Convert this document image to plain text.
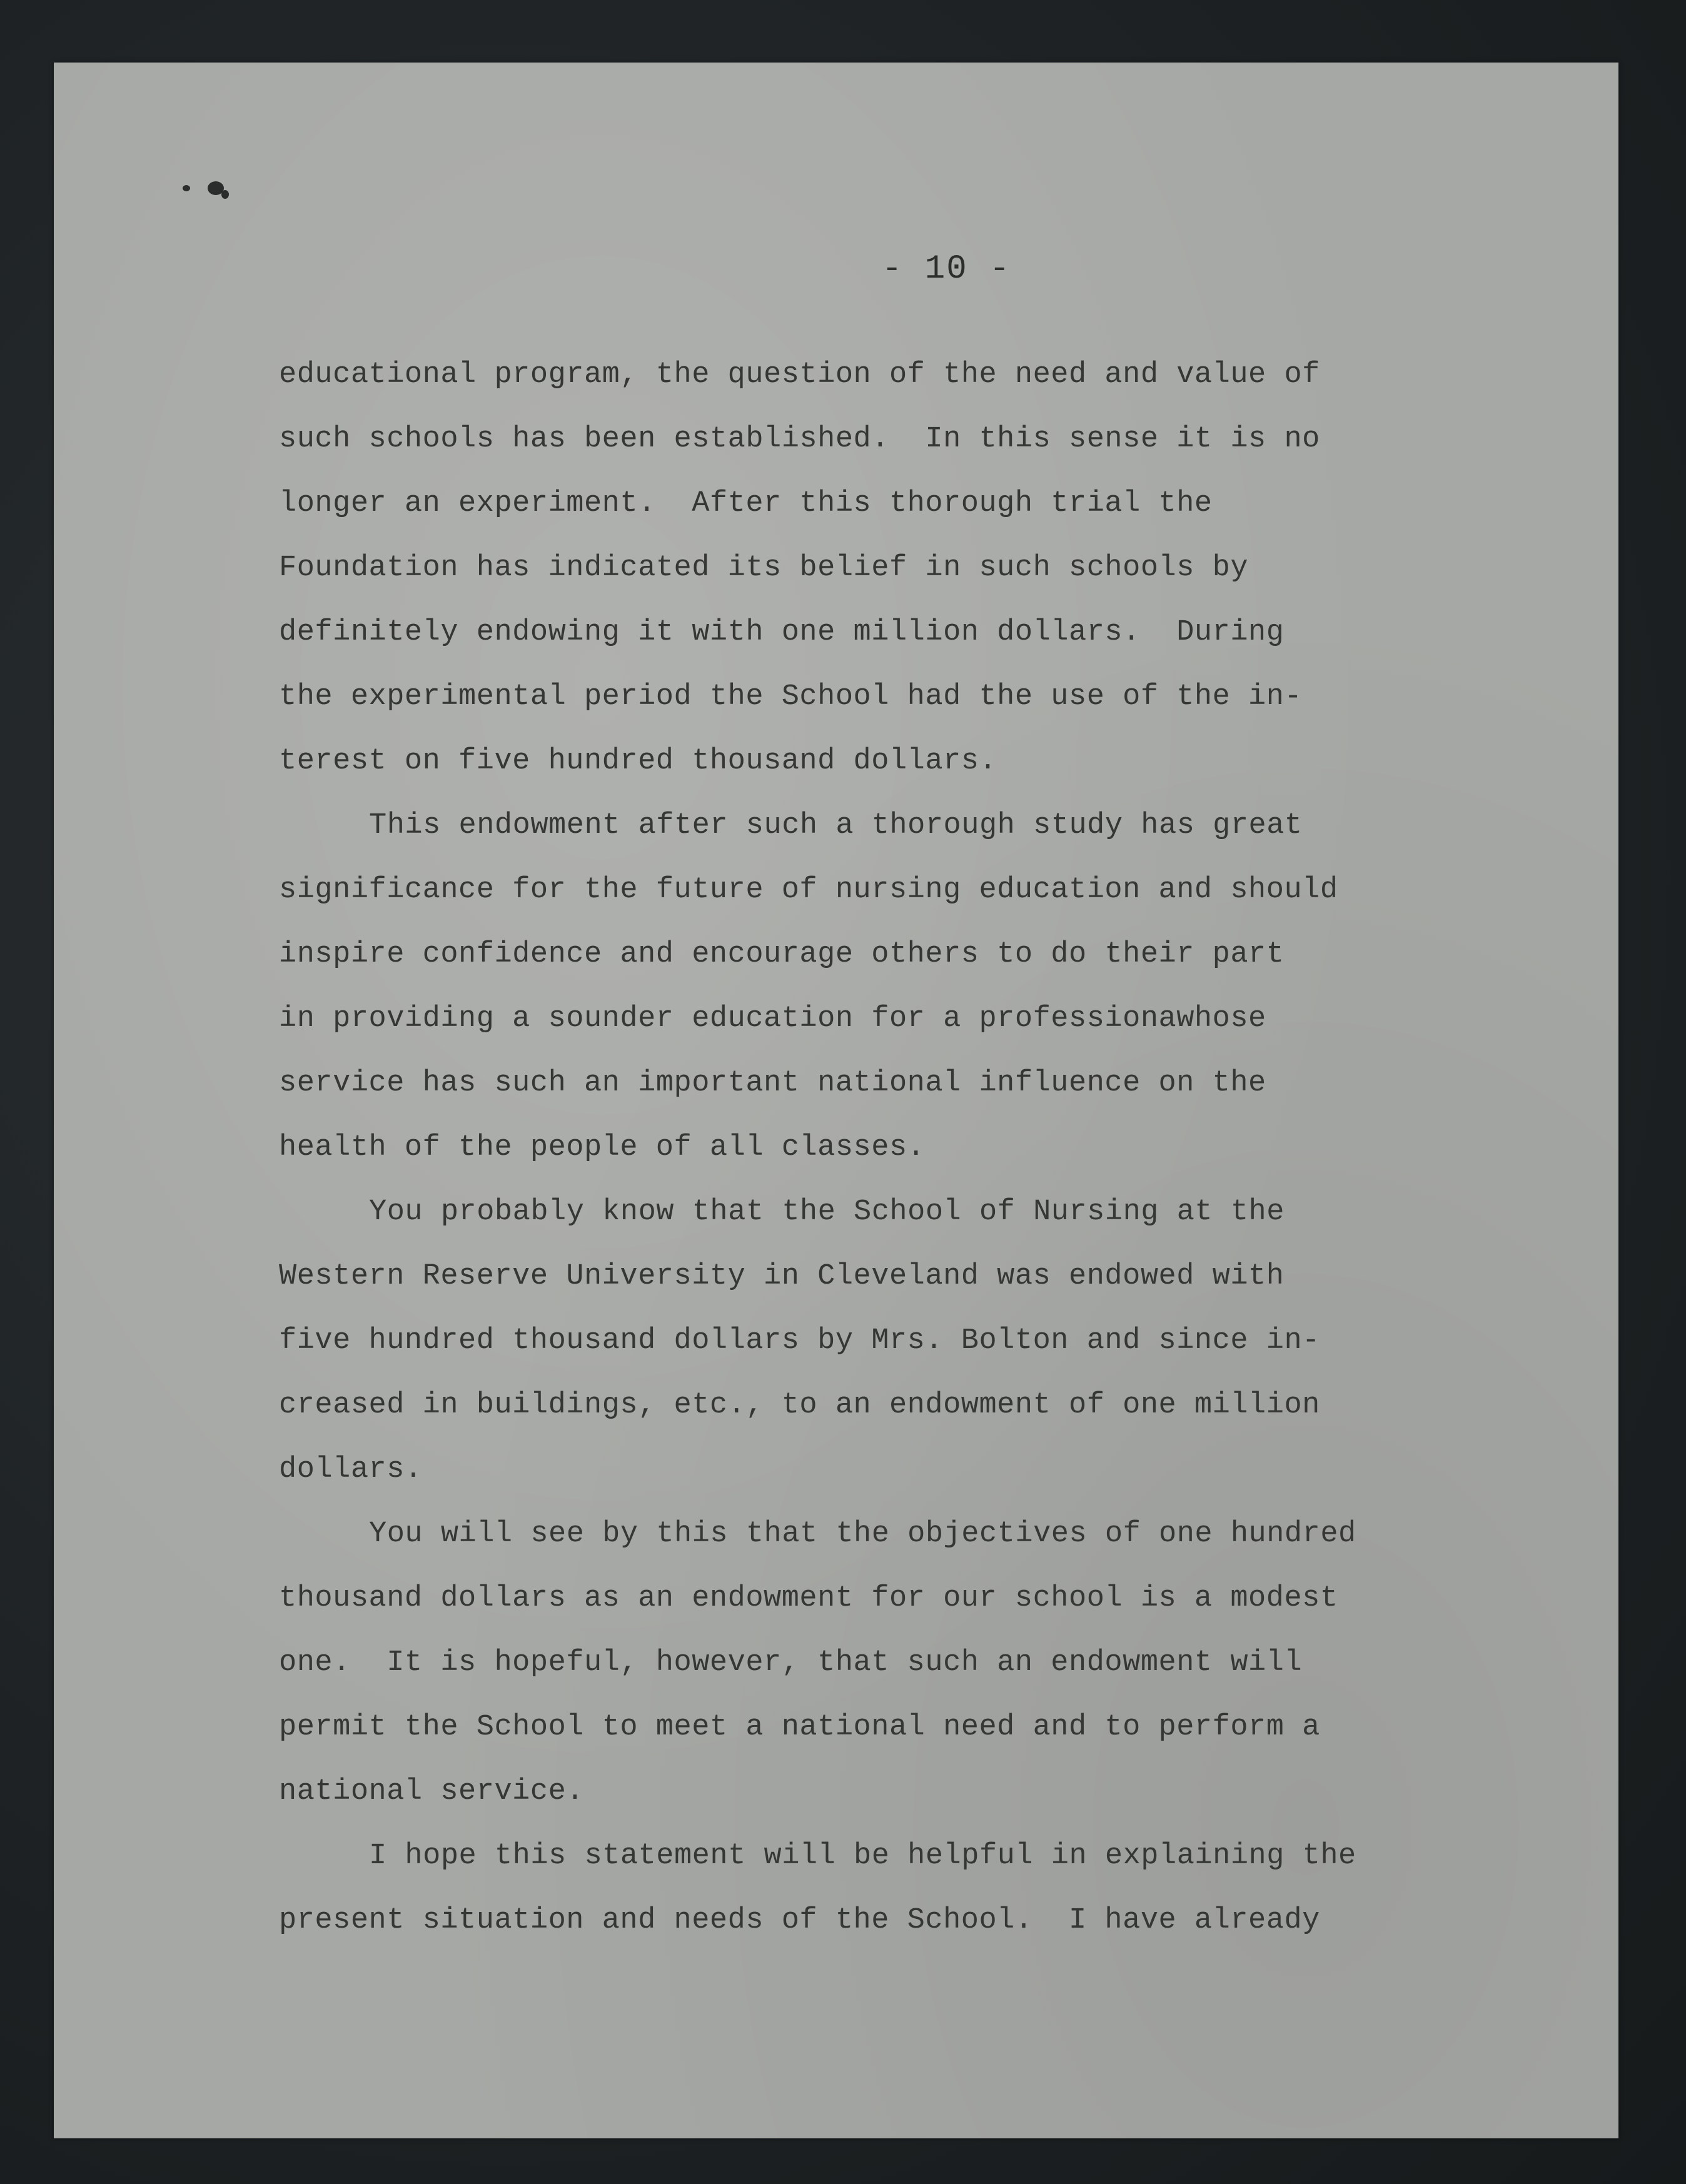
- 10 -
educational program, the question of the need and value of
such schools has been established.  In this sense it is no
longer an experiment.  After this thorough trial the
Foundation has indicated its belief in such schools by
definitely endowing it with one million dollars.  During
the experimental period the School had the use of the in-
terest on five hundred thousand dollars.
This endowment after such a thorough study has great
significance for the future of nursing education and should
inspire confidence and encourage others to do their part
in providing a sounder education for a professionawhose
service has such an important national influence on the
health of the people of all classes.
You probably know that the School of Nursing at the
Western Reserve University in Cleveland was endowed with
five hundred thousand dollars by Mrs. Bolton and since in-
creased in buildings, etc., to an endowment of one million
dollars.
You will see by this that the objectives of one hundred
thousand dollars as an endowment for our school is a modest
one.  It is hopeful, however, that such an endowment will
permit the School to meet a national need and to perform a
national service.
I hope this statement will be helpful in explaining the
present situation and needs of the School.  I have already
